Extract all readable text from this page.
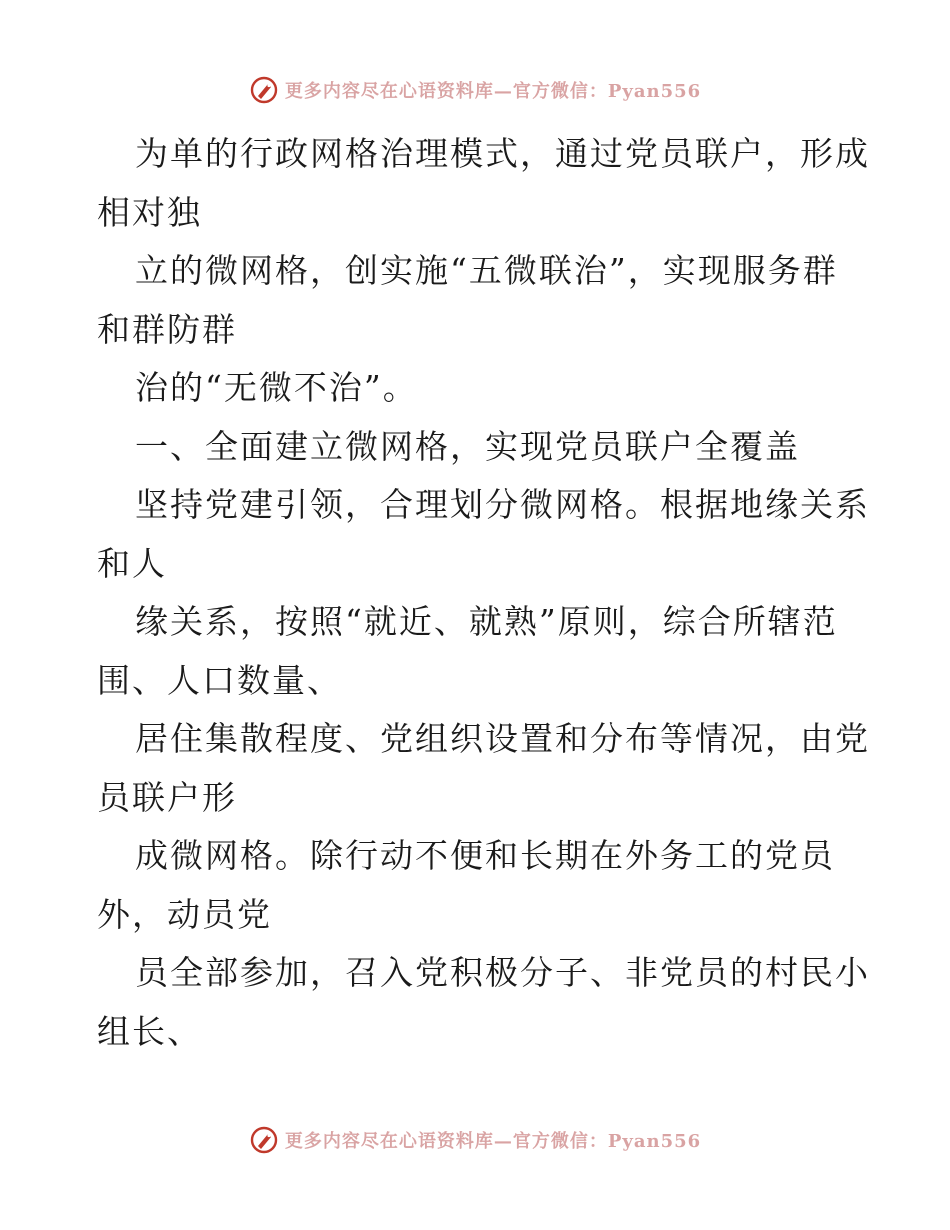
更多内容尽在心语资料库—官方微信：Pyan556
为单的行政网格治理模式，通过党员联户，形成
相对独
立的微网格，创实施“五微联治”，实现服务群
和群防群
治的“无微不治”。
一、全面建立微网格，实现党员联户全覆盖
坚持党建引领，合理划分微网格。根据地缘关系
和人
缘关系，按照“就近、就熟”原则，综合所辖范
围、人口数量、
居住集散程度、党组织设置和分布等情况，由党
员联户形
成微网格。除行动不便和长期在外务工的党员
外，动员党
员全部参加，召入党积极分子、非党员的村民小
组长、
更多内容尽在心语资料库—官方微信：Pyan556
